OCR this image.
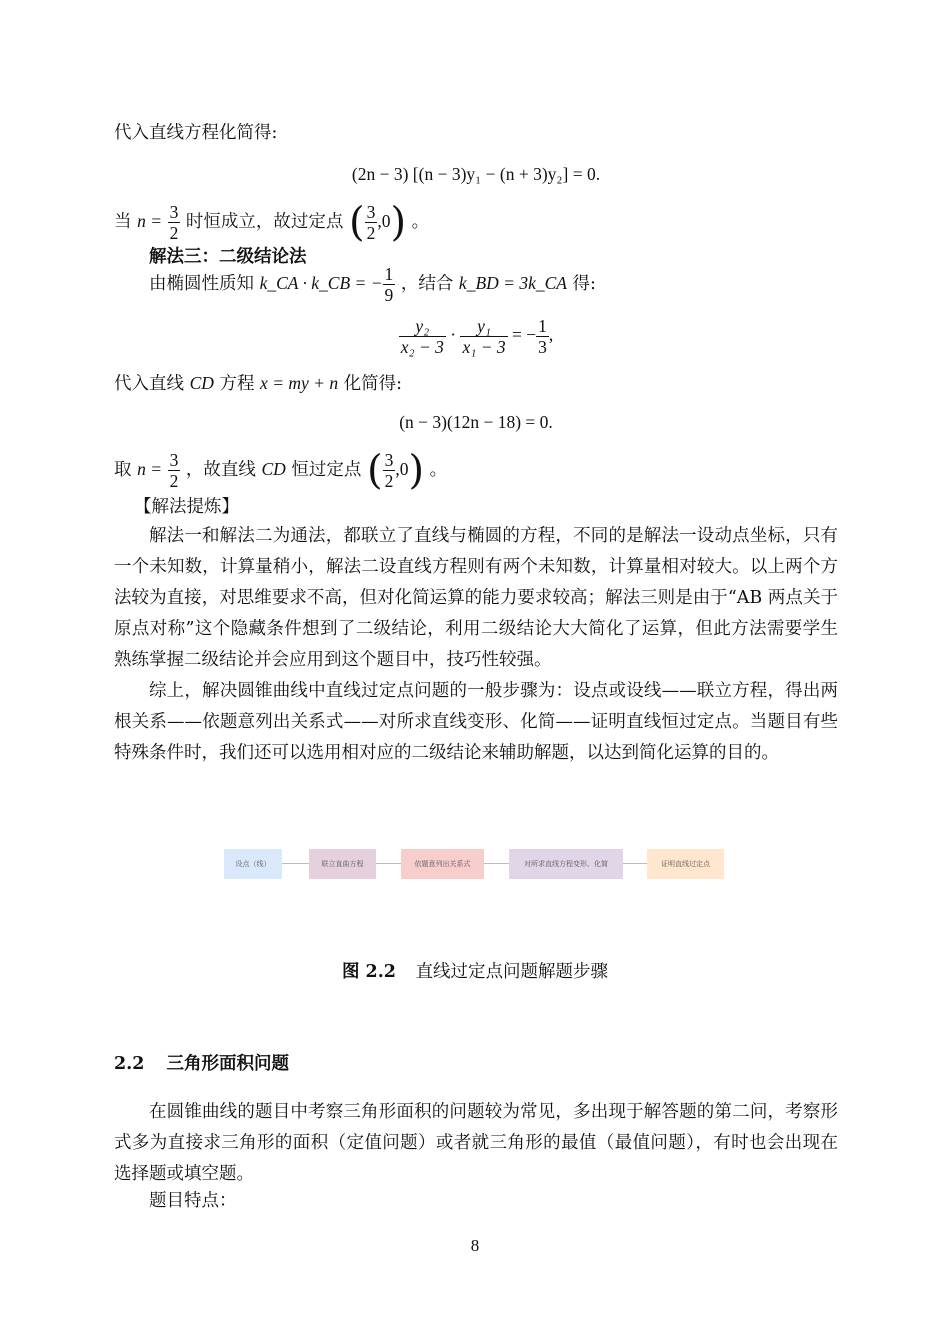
代入直线方程化简得:
(2n − 3) [(n − 3)y₁ − (n + 3)y₂] = 0.
当 $n = \frac{3}{2}$ 时恒成立，故过定点 ( $\frac{3}{2} ,0$) 。
解法三：二级结论法
由椭圆性质知 k_CA · k_CB = − $\frac{1}{9}$ ，结合 k_BD = 3k_CA 得:
$\frac{\text{y₂}}{\text{x₂ − 3}} \cdot \frac{\text{y₁}}{\text{x₁ − 3}}$ = − $\frac{1}{3}$ ,
代入直线 CD 方程 x = my + n 化简得:
(n − 3)(12n − 18) = 0.
取 $n = \frac{3}{2}$ ，故直线 CD 恒过定点 ( $\frac{3}{2} ,0$) 。
【解法提炼】
解法一和解法二为通法，都联立了直线与椭圆的方程，不同的是解法一设动点坐标，只有一个未知数，计算量稍小，解法二设直线方程则有两个未知数，计算量相对较大。以上两个方法较为直接，对思维要求不高，但对化简运算的能力要求较高；解法三则是由于“AB 两点关于原点对称”这个隐藏条件想到了二级结论，利用二级结论大大简化了运算，但此方法需要学生熟练掌握二级结论并会应用到这个题目中，技巧性较强。
综上，解决圆锥曲线中直线过定点问题的一般步骤为：设点或设线——联立方程，得出两根关系——依题意列出关系式——对所求直线变形、化简——证明直线恒过定点。当题目有些特殊条件时，我们还可以选用相对应的二级结论来辅助解题，以达到简化运算的目的。
设点（线）	联立直曲方程	依题意列出关系式	对所求直线方程变形、化简	证明直线过定点
图 2.2 直线过定点问题解题步骤
2.2 三角形面积问题
在圆锥曲线的题目中考察三角形面积的问题较为常见，多出现于解答题的第二问，考察形式多为直接求三角形的面积（定值问题）或者就三角形的最值（最值问题），有时也会出现在选择题或填空题。
题目特点：
8
